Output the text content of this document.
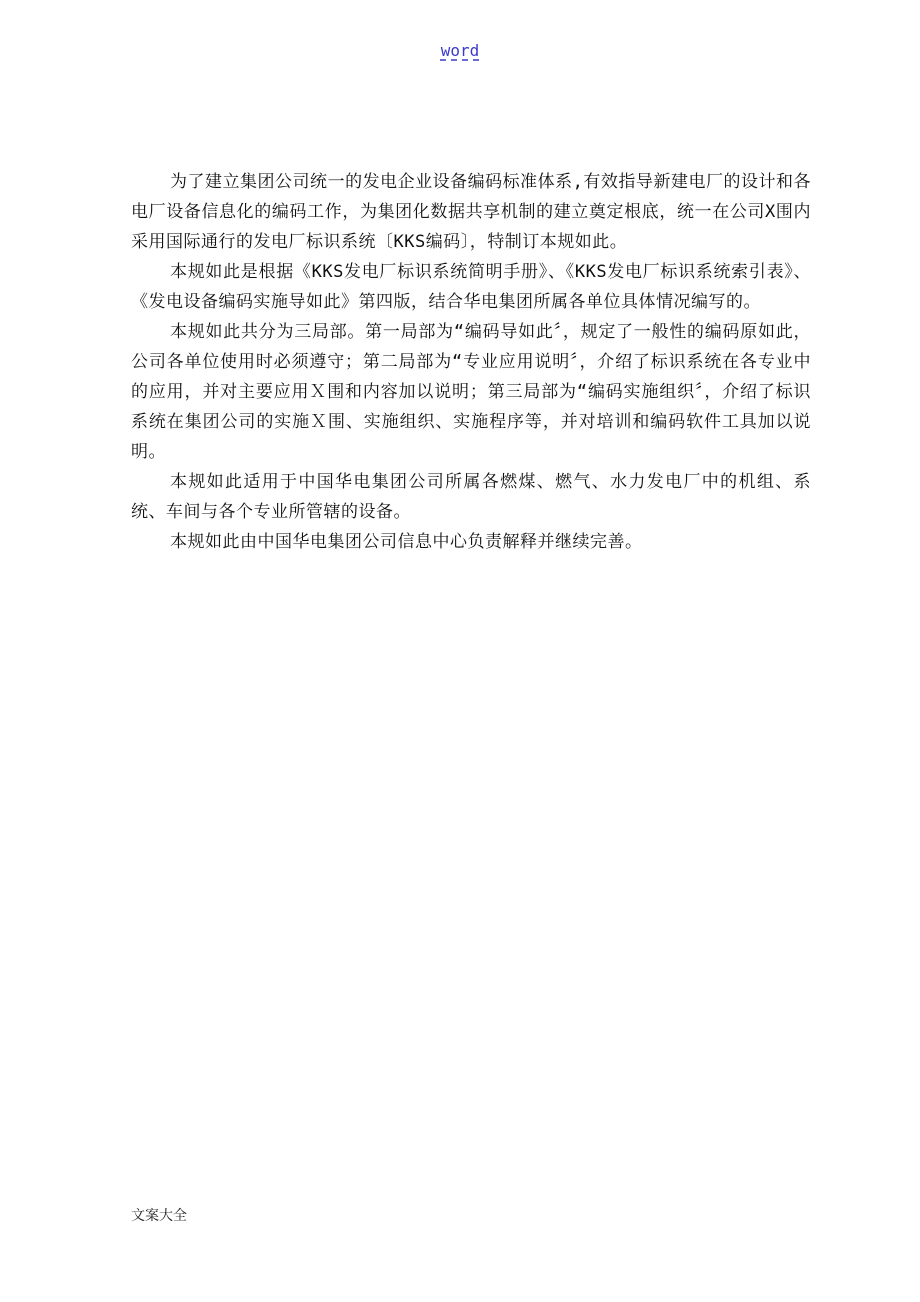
word

为了建立集团公司统一的发电企业设备编码标准体系,有效指导新建电厂的设计和各电厂设备信息化的编码工作，为集团化数据共享机制的建立奠定根底，统一在公司X围内采用国际通行的发电厂标识系统〔KKS编码〕，特制订本规如此。

本规如此是根据《KKS发电厂标识系统简明手册》、《KKS发电厂标识系统索引表》、《发电设备编码实施导如此》第四版，结合华电集团所属各单位具体情况编写的。

本规如此共分为三局部。第一局部为“编码导如此〞，规定了一般性的编码原如此，公司各单位使用时必须遵守；第二局部为“专业应用说明〞，介绍了标识系统在各专业中的应用，并对主要应用Ｘ围和内容加以说明；第三局部为“编码实施组织〞，介绍了标识系统在集团公司的实施Ｘ围、实施组织、实施程序等，并对培训和编码软件工具加以说明。

本规如此适用于中国华电集团公司所属各燃煤、燃气、水力发电厂中的机组、系统、车间与各个专业所管辖的设备。

本规如此由中国华电集团公司信息中心负责解释并继续完善。

文案大全
